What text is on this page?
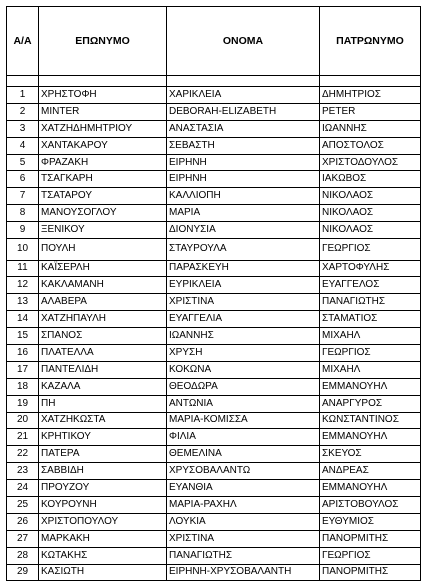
Α/Α	ΕΠΩΝΥΜΟ	ΟΝΟΜΑ	ΠΑΤΡΩΝΥΜΟ

1	ΧΡΗΣΤΟΦΗ	ΧΑΡΙΚΛΕΙΑ	ΔΗΜΗΤΡΙΟΣ
2	MINTER	DEBORAH-ELIZABETH	PETER
3	ΧΑΤΖΗΔΗΜΗΤΡΙΟΥ	ΑΝΑΣΤΑΣΙΑ	ΙΩΑΝΝΗΣ
4	ΧΑΝΤΑΚΑΡΟΥ	ΣΕΒΑΣΤΗ	ΑΠΟΣΤΟΛΟΣ
5	ΦΡΑΖΑΚΗ	ΕΙΡΗΝΗ	ΧΡΙΣΤΟΔΟΥΛΟΣ
6	ΤΣΑΓΚΑΡΗ	ΕΙΡΗΝΗ	ΙΑΚΩΒΟΣ
7	ΤΣΑΤΑΡΟΥ	ΚΑΛΛΙΟΠΗ	ΝΙΚΟΛΑΟΣ
8	ΜΑΝΟΥΣΟΓΛΟΥ	ΜΑΡΙΑ	ΝΙΚΟΛΑΟΣ
9	ΞΕΝΙΚΟΥ	ΔΙΟΝΥΣΙΑ	ΝΙΚΟΛΑΟΣ
10	ΠΟΥΛΗ	ΣΤΑΥΡΟΥΛΑ	ΓΕΩΡΓΙΟΣ
11	ΚΑΪΣΕΡΛΗ	ΠΑΡΑΣΚΕΥΗ	ΧΑΡΤΟΦΥΛΗΣ
12	ΚΑΚΛΑΜΑΝΗ	ΕΥΡΙΚΛΕΙΑ	ΕΥΑΓΓΕΛΟΣ
13	ΑΛΑΒΕΡΑ	ΧΡΙΣΤΙΝΑ	ΠΑΝΑΓΙΩΤΗΣ
14	ΧΑΤΖΗΠΑΥΛΗ	ΕΥΑΓΓΕΛΙΑ	ΣΤΑΜΑΤΙΟΣ
15	ΣΠΑΝΟΣ	ΙΩΑΝΝΗΣ	ΜΙΧΑΗΛ
16	ΠΛΑΤΕΛΛΑ	ΧΡΥΣΗ	ΓΕΩΡΓΙΟΣ
17	ΠΑΝΤΕΛΙΔΗ	ΚΟΚΩΝΑ	ΜΙΧΑΗΛ
18	ΚΑΖΑΛΑ	ΘΕΟΔΩΡΑ	ΕΜΜΑΝΟΥΗΛ
19	ΠΗ	ΑΝΤΩΝΙΑ	ΑΝΑΡΓΥΡΟΣ
20	ΧΑΤΖΗΚΩΣΤΑ	ΜΑΡΙΑ-ΚΟΜΙΣΣΑ	ΚΩΝΣΤΑΝΤΙΝΟΣ
21	ΚΡΗΤΙΚΟΥ	ΦΙΛΙΑ	ΕΜΜΑΝΟΥΗΛ
22	ΠΑΤΕΡΑ	ΘΕΜΕΛΙΝΑ	ΣΚΕΥΟΣ
23	ΣΑΒΒΙΔΗ	ΧΡΥΣΟΒΑΛΑΝΤΩ	ΑΝΔΡΕΑΣ
24	ΠΡΟΥΖΟΥ	ΕΥΑΝΘΙΑ	ΕΜΜΑΝΟΥΗΛ
25	ΚΟΥΡΟΥΝΗ	ΜΑΡΙΑ-ΡΑΧΗΛ	ΑΡΙΣΤΟΒΟΥΛΟΣ
26	ΧΡΙΣΤΟΠΟΥΛΟΥ	ΛΟΥΚΙΑ	ΕΥΘΥΜΙΟΣ
27	ΜΑΡΚΑΚΗ	ΧΡΙΣΤΙΝΑ	ΠΑΝΟΡΜΙΤΗΣ
28	ΚΩΤΑΚΗΣ	ΠΑΝΑΓΙΩΤΗΣ	ΓΕΩΡΓΙΟΣ
29	ΚΑΣΙΩΤΗ	ΕΙΡΗΝΗ-ΧΡΥΣΟΒΑΛΑΝΤΗ	ΠΑΝΟΡΜΙΤΗΣ
